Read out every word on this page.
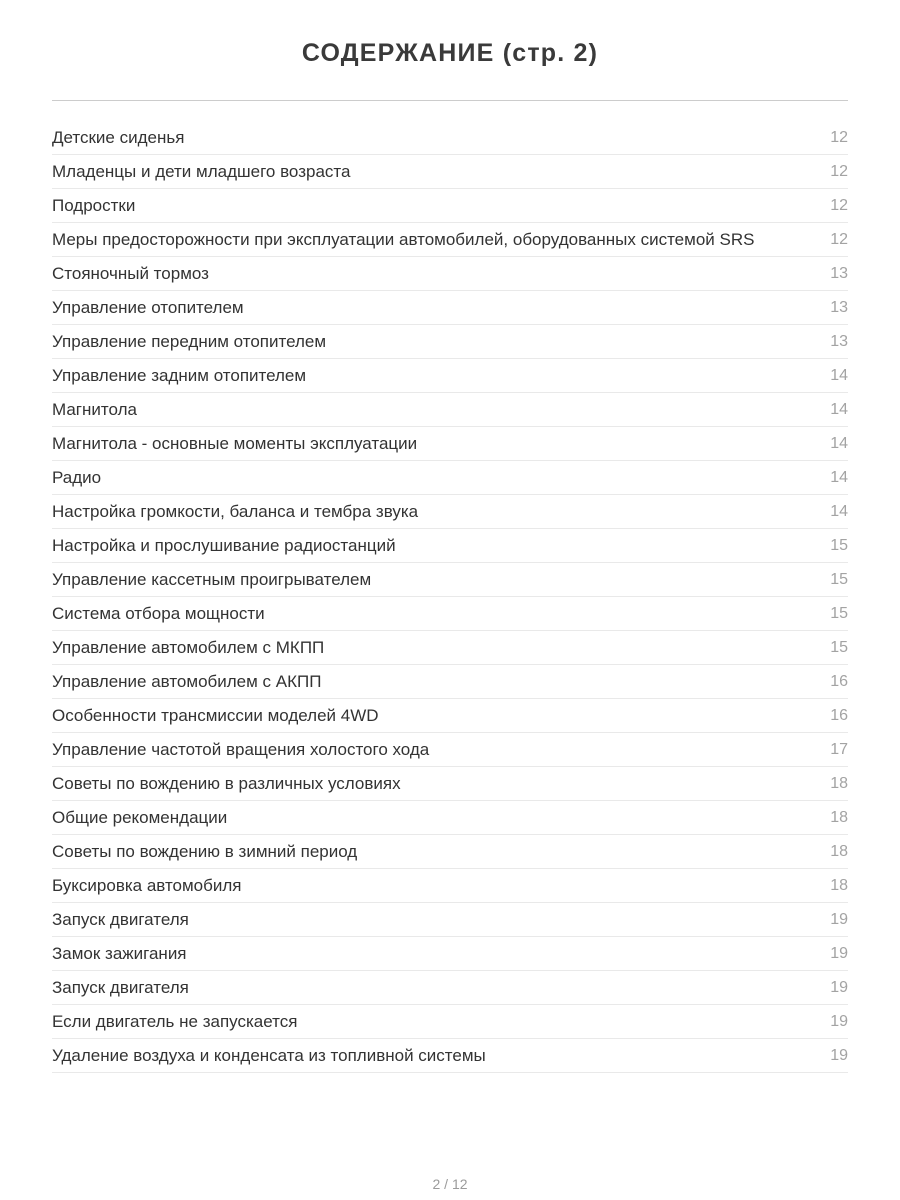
СОДЕРЖАНИЕ (стр. 2)
Детские сиденья	12
Младенцы и дети младшего возраста	12
Подростки	12
Меры предосторожности при эксплуатации автомобилей, оборудованных системой SRS	12
Стояночный тормоз	13
Управление отопителем	13
Управление передним отопителем	13
Управление задним отопителем	14
Магнитола	14
Магнитола - основные моменты эксплуатации	14
Радио	14
Настройка громкости, баланса и тембра звука	14
Настройка и прослушивание радиостанций	15
Управление кассетным проигрывателем	15
Система отбора мощности	15
Управление автомобилем с МКПП	15
Управление автомобилем с АКПП	16
Особенности трансмиссии моделей 4WD	16
Управление частотой вращения холостого хода	17
Советы по вождению в различных условиях	18
Общие рекомендации	18
Советы по вождению в зимний период	18
Буксировка автомобиля	18
Запуск двигателя	19
Замок зажигания	19
Запуск двигателя	19
Если двигатель не запускается	19
Удаление воздуха и конденсата из топливной системы	19
2 / 12
